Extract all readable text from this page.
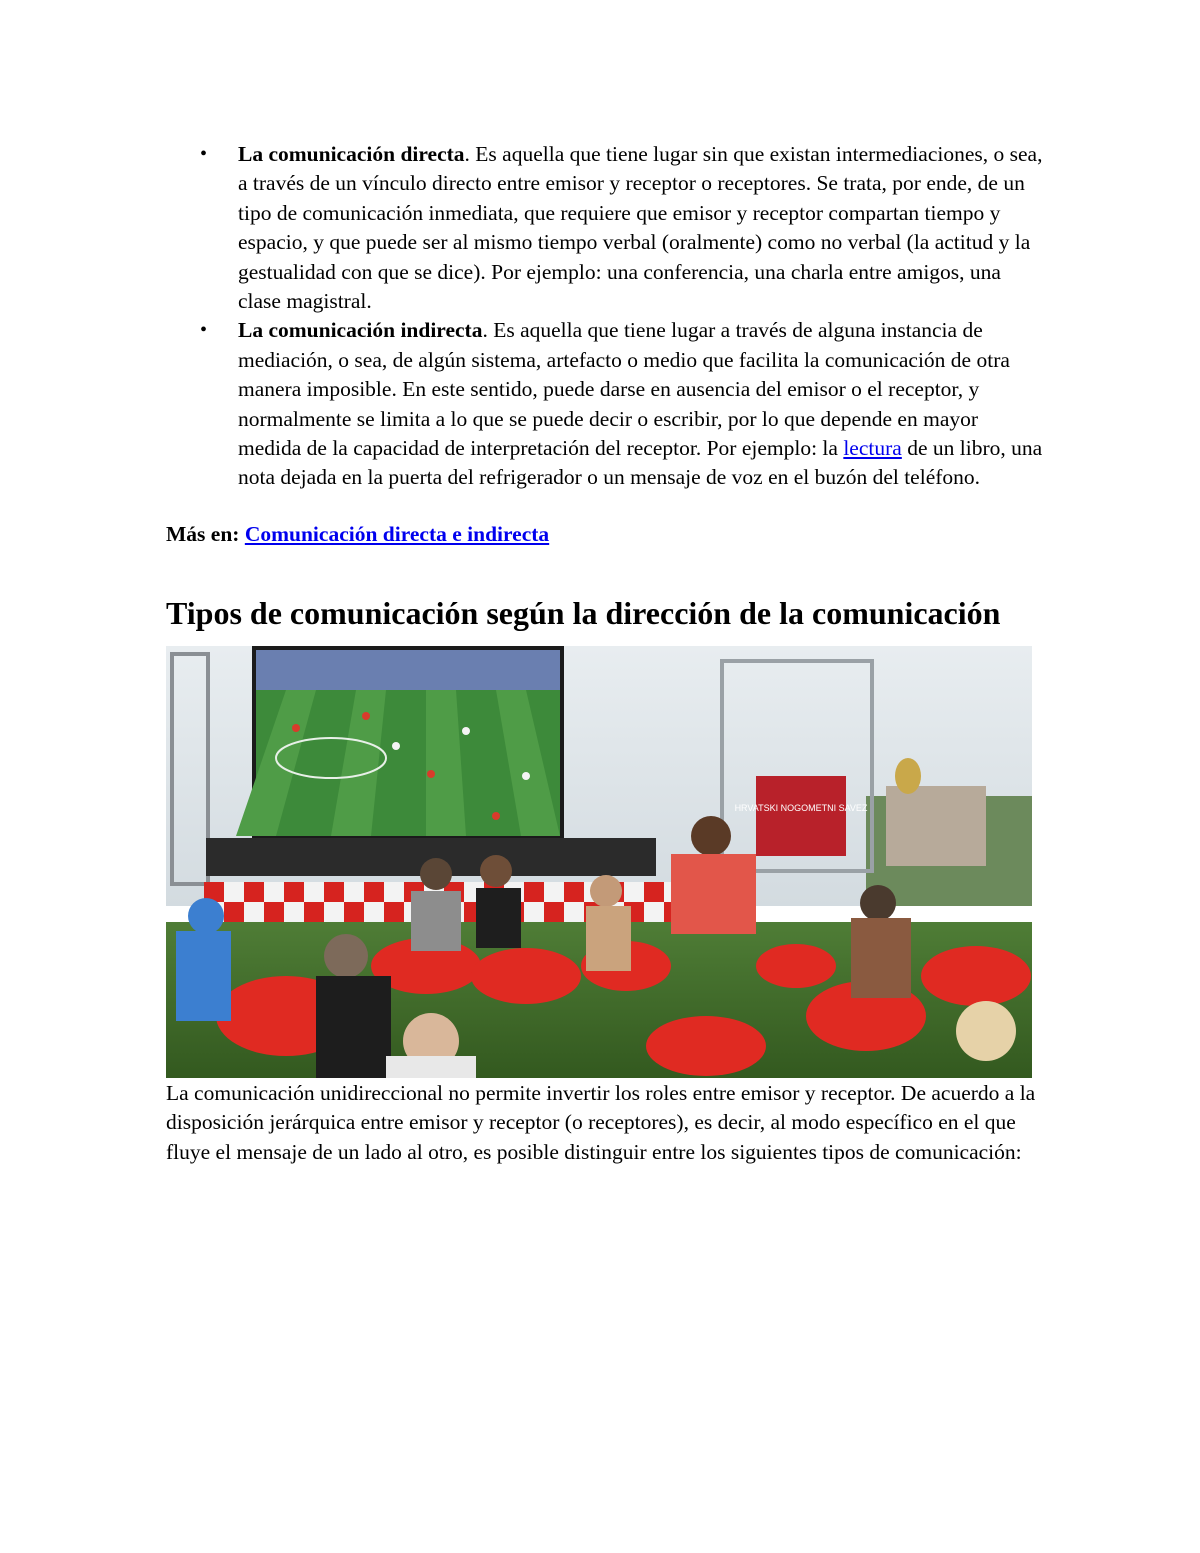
• La comunicación directa. Es aquella que tiene lugar sin que existan intermediaciones, o sea, a través de un vínculo directo entre emisor y receptor o receptores. Se trata, por ende, de un tipo de comunicación inmediata, que requiere que emisor y receptor compartan tiempo y espacio, y que puede ser al mismo tiempo verbal (oralmente) como no verbal (la actitud y la gestualidad con que se dice). Por ejemplo: una conferencia, una charla entre amigos, una clase magistral.
• La comunicación indirecta. Es aquella que tiene lugar a través de alguna instancia de mediación, o sea, de algún sistema, artefacto o medio que facilita la comunicación de otra manera imposible. En este sentido, puede darse en ausencia del emisor o el receptor, y normalmente se limita a lo que se puede decir o escribir, por lo que depende en mayor medida de la capacidad de interpretación del receptor. Por ejemplo: la lectura de un libro, una nota dejada en la puerta del refrigerador o un mensaje de voz en el buzón del teléfono.
Más en: Comunicación directa e indirecta
Tipos de comunicación según la dirección de la comunicación
HRVATSKI NOGOMETNI SAVEZ

La comunicación unidireccional no permite invertir los roles entre emisor y receptor. De acuerdo a la disposición jerárquica entre emisor y receptor (o receptores), es decir, al modo específico en el que fluye el mensaje de un lado al otro, es posible distinguir entre los siguientes tipos de comunicación:
